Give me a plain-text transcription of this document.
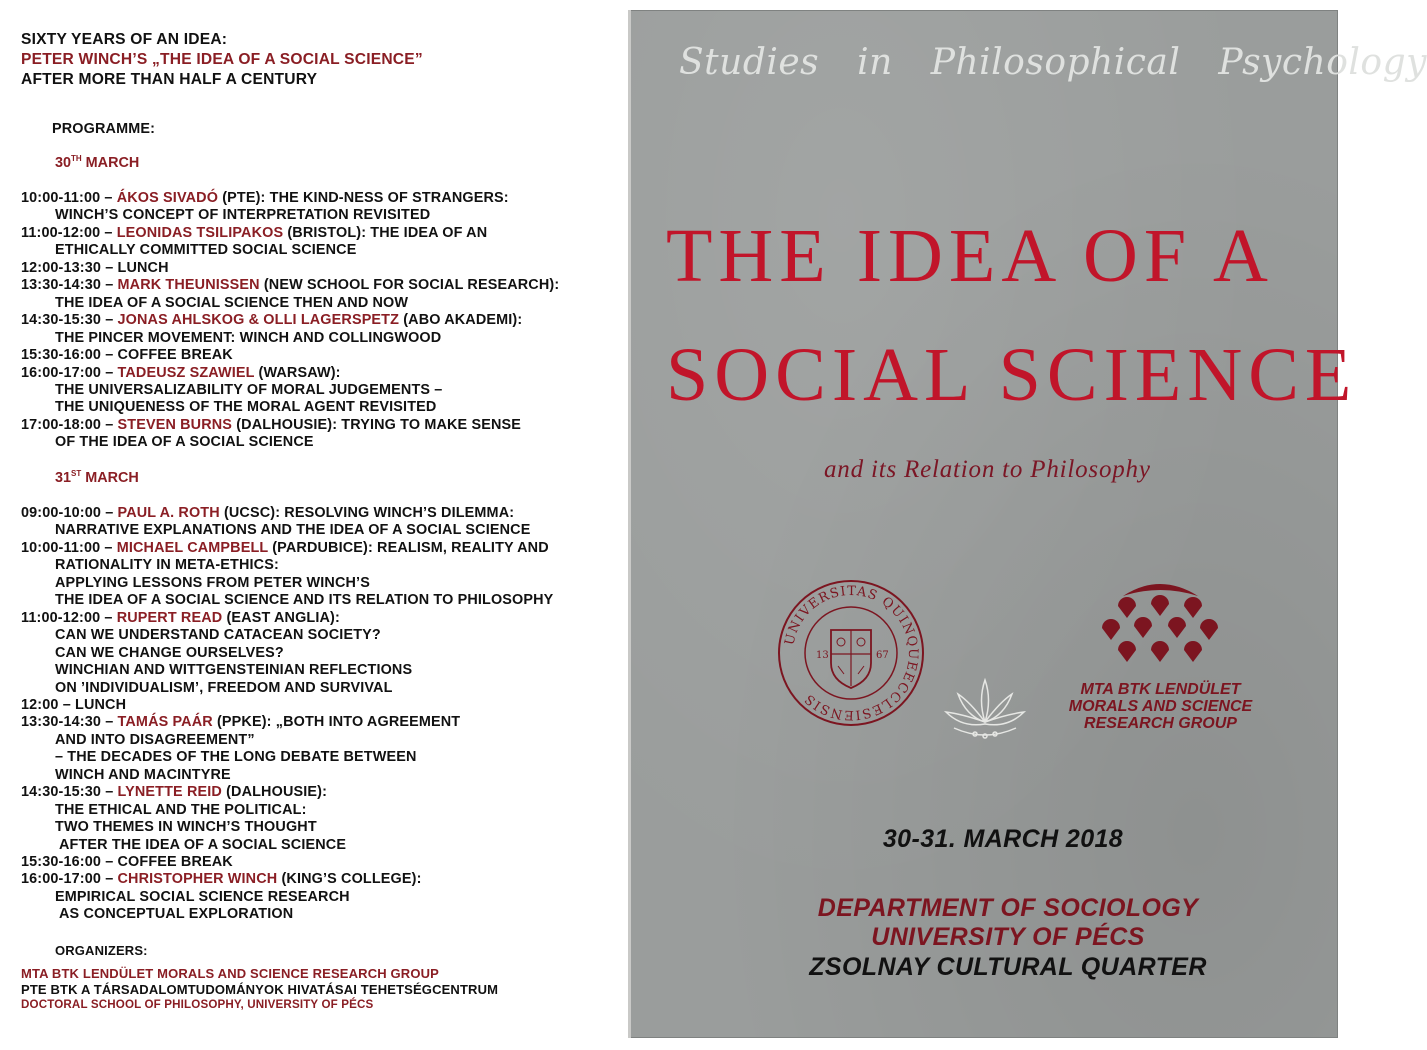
SIXTY YEARS OF AN IDEA:
PETER WINCH’S „THE IDEA OF A SOCIAL SCIENCE”
AFTER MORE THAN HALF A CENTURY
PROGRAMME:
30TH MARCH
10:00-11:00 – ÁKOS SIVADÓ (PTE): THE KIND-NESS OF STRANGERS:
WINCH’S CONCEPT OF INTERPRETATION REVISITED
11:00-12:00 – LEONIDAS TSILIPAKOS (BRISTOL): THE IDEA OF AN
ETHICALLY COMMITTED SOCIAL SCIENCE
12:00-13:30 – LUNCH
13:30-14:30 – MARK THEUNISSEN (NEW SCHOOL FOR SOCIAL RESEARCH):
THE IDEA OF A SOCIAL SCIENCE THEN AND NOW
14:30-15:30 – JONAS AHLSKOG & OLLI LAGERSPETZ (ABO AKADEMI):
THE PINCER MOVEMENT: WINCH AND COLLINGWOOD
15:30-16:00 – COFFEE BREAK
16:00-17:00 – TADEUSZ SZAWIEL (WARSAW):
THE UNIVERSALIZABILITY OF MORAL JUDGEMENTS –
THE UNIQUENESS OF THE MORAL AGENT REVISITED
17:00-18:00 – STEVEN BURNS (DALHOUSIE): TRYING TO MAKE SENSE
OF THE IDEA OF A SOCIAL SCIENCE
31ST MARCH
09:00-10:00 – PAUL A. ROTH (UCSC): RESOLVING WINCH’S DILEMMA:
NARRATIVE EXPLANATIONS AND THE IDEA OF A SOCIAL SCIENCE
10:00-11:00 – MICHAEL CAMPBELL (PARDUBICE): REALISM, REALITY AND
RATIONALITY IN META-ETHICS:
APPLYING LESSONS FROM PETER WINCH’S
THE IDEA OF A SOCIAL SCIENCE AND ITS RELATION TO PHILOSOPHY
11:00-12:00 – RUPERT READ (EAST ANGLIA):
CAN WE UNDERSTAND CATACEAN SOCIETY?
CAN WE CHANGE OURSELVES?
WINCHIAN AND WITTGENSTEINIAN REFLECTIONS
ON ’INDIVIDUALISM’, FREEDOM AND SURVIVAL
12:00 – LUNCH
13:30-14:30 – TAMÁS PAÁR (PPKE): „BOTH INTO AGREEMENT
AND INTO DISAGREEMENT”
– THE DECADES OF THE LONG DEBATE BETWEEN
WINCH AND MACINTYRE
14:30-15:30 – LYNETTE REID (DALHOUSIE):
THE ETHICAL AND THE POLITICAL:
TWO THEMES IN WINCH’S THOUGHT
AFTER THE IDEA OF A SOCIAL SCIENCE
15:30-16:00 – COFFEE BREAK
16:00-17:00 – CHRISTOPHER WINCH (KING’S COLLEGE):
EMPIRICAL SOCIAL SCIENCE RESEARCH
AS CONCEPTUAL EXPLORATION
ORGANIZERS:
MTA BTK LENDÜLET MORALS AND SCIENCE RESEARCH GROUP
PTE BTK A TÁRSADALOMTUDOMÁNYOK HIVATÁSAI TEHETSÉGCENTRUM
DOCTORAL SCHOOL OF PHILOSOPHY, UNIVERSITY OF PÉCS
Studies in Philosophical Psychology
THE IDEA OF A
SOCIAL SCIENCE
and its Relation to Philosophy
UNIVERSITAS QUINQUEECCLESIENSIS
13	67
MTA BTK LENDÜLET
MORALS AND SCIENCE
RESEARCH GROUP
30-31. MARCH 2018
DEPARTMENT OF SOCIOLOGY
UNIVERSITY OF PÉCS
ZSOLNAY CULTURAL QUARTER
